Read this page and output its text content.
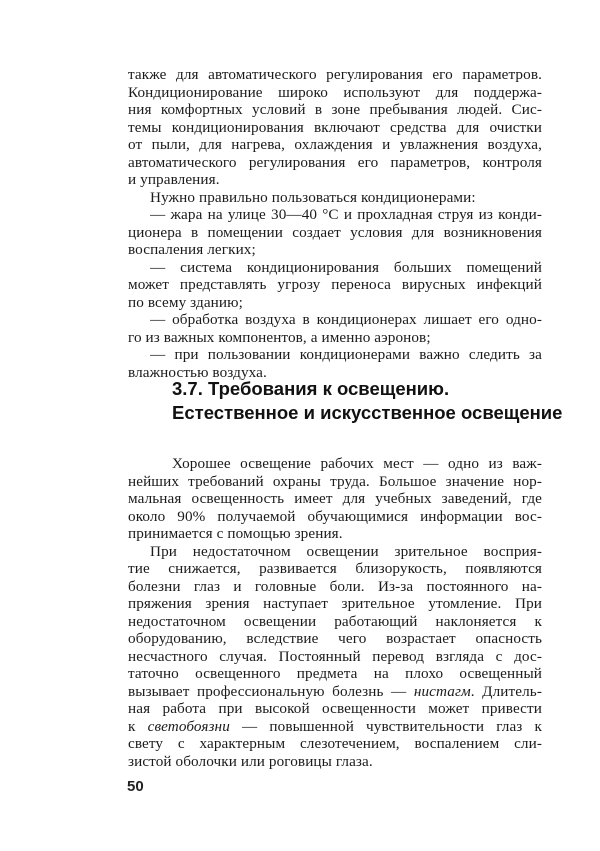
также для автоматического регулирования его параметров.
Кондиционирование широко используют для поддержа-
ния комфортных условий в зоне пребывания людей. Сис-
темы кондиционирования включают средства для очистки
от пыли, для нагрева, охлаждения и увлажнения воздуха,
автоматического регулирования его параметров, контроля
и управления.
Нужно правильно пользоваться кондиционерами:
— жара на улице 30—40 °С и прохладная струя из конди-
ционера в помещении создает условия для возникновения
воспаления легких;
— система кондиционирования больших помещений
может представлять угрозу переноса вирусных инфекций
по всему зданию;
— обработка воздуха в кондиционерах лишает его одно-
го из важных компонентов, а именно аэронов;
— при пользовании кондиционерами важно следить за
влажностью воздуха.
3.7. Требования к освещению.
Естественное и искусственное освещение
Хорошее освещение рабочих мест — одно из важ-
нейших требований охраны труда. Большое значение нор-
мальная освещенность имеет для учебных заведений, где
около 90% получаемой обучающимися информации вос-
принимается с помощью зрения.
При недостаточном освещении зрительное восприя-
тие снижается, развивается близорукость, появляются
болезни глаз и головные боли. Из-за постоянного на-
пряжения зрения наступает зрительное утомление. При
недостаточном освещении работающий наклоняется к
оборудованию, вследствие чего возрастает опасность
несчастного случая. Постоянный перевод взгляда с дос-
таточно освещенного предмета на плохо освещенный
вызывает профессиональную болезнь — нистагм. Длитель-
ная работа при высокой освещенности может привести
к светобоязни — повышенной чувствительности глаз к
свету с характерным слезотечением, воспалением сли-
зистой оболочки или роговицы глаза.
50
